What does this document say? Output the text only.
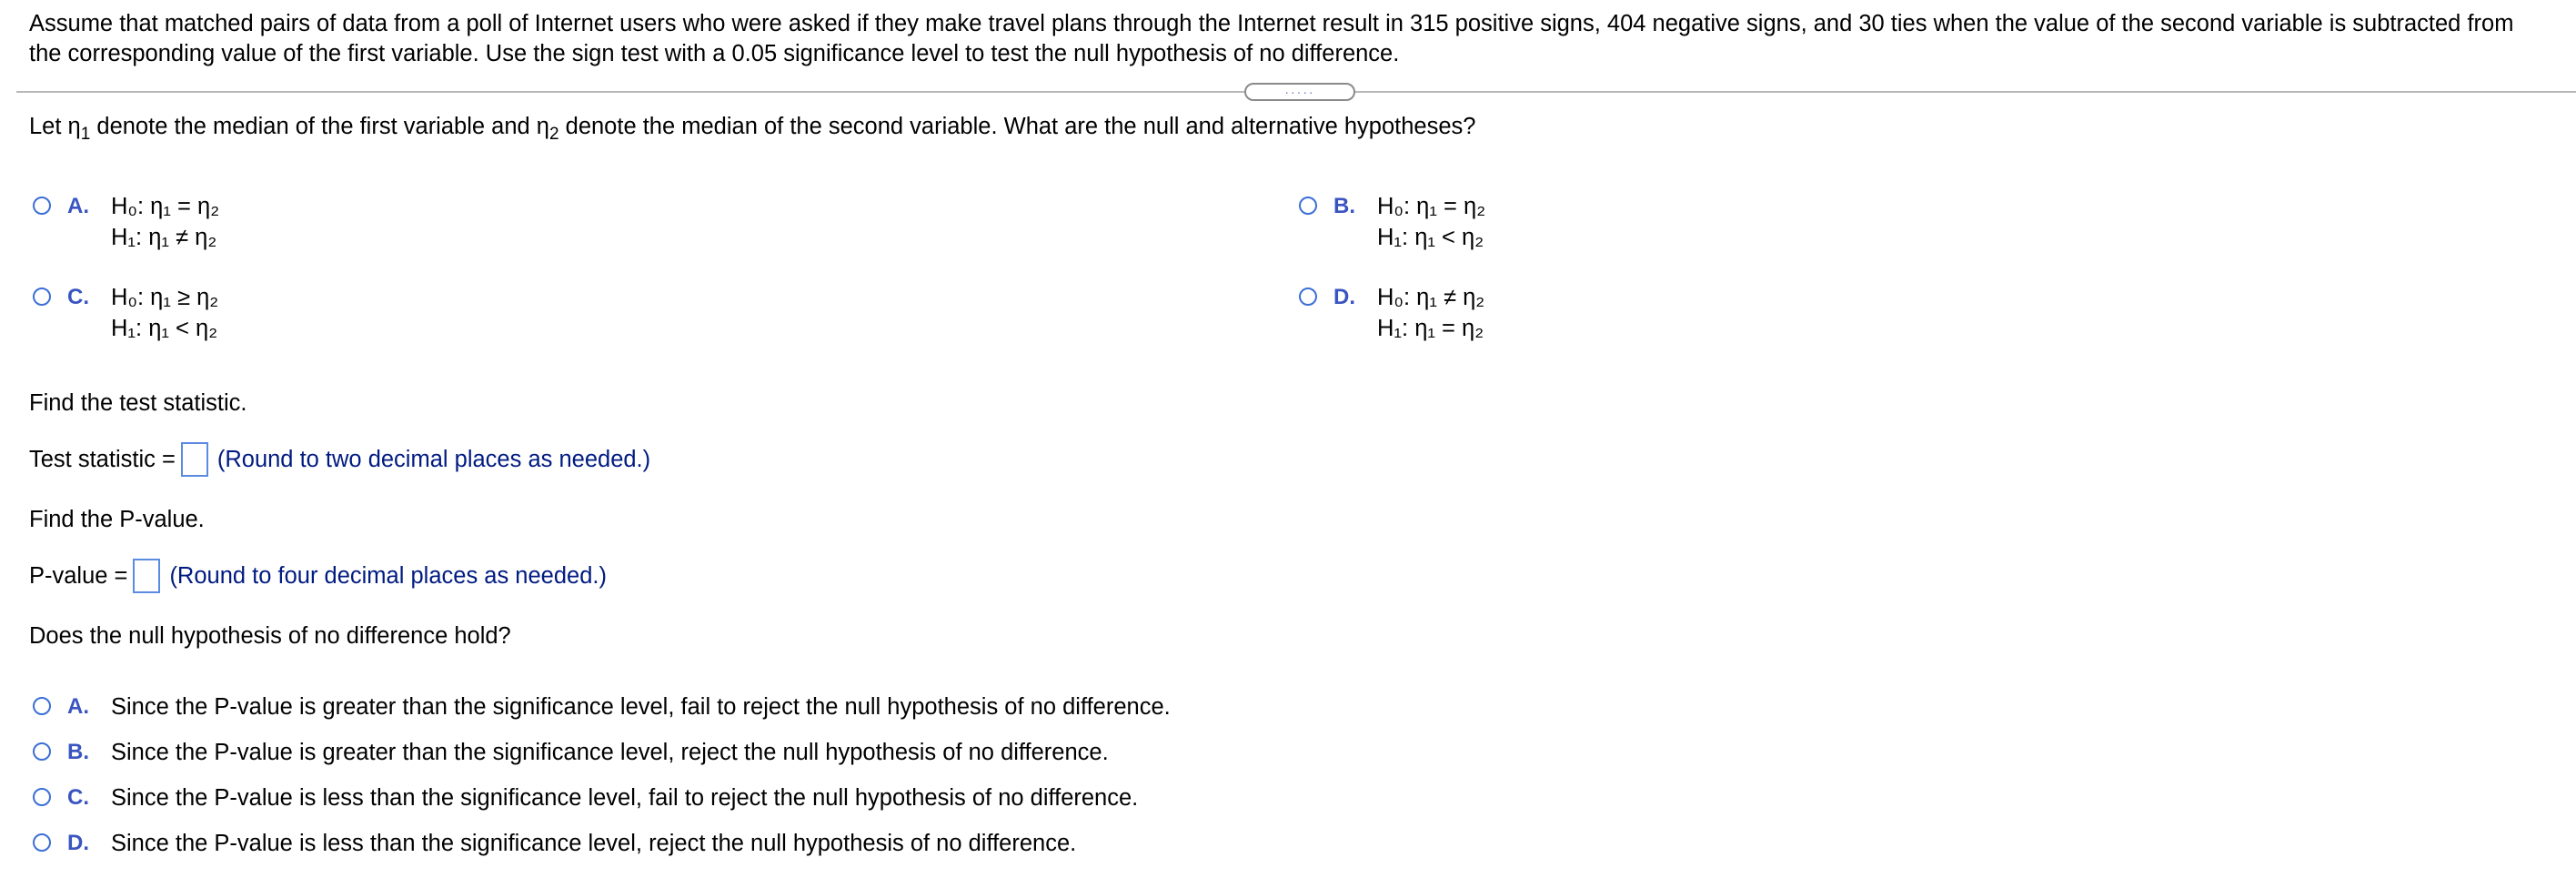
Assume that matched pairs of data from a poll of Internet users who were asked if they make travel plans through the Internet result in 315 positive signs, 404 negative signs, and 30 ties when the value of the second variable is subtracted from
the corresponding value of the first variable. Use the sign test with a 0.05 significance level to test the null hypothesis of no difference.
·····
Let $\eta_1$ denote the median of the first variable and $\eta_2$ denote the median of the second variable. What are the null and alternative hypotheses?
A. H₀: η₁ = η₂
H₁: η₁ ≠ η₂
B. H₀: η₁ = η₂
H₁: η₁ < η₂
C. H₀: η₁ ≥ η₂
H₁: η₁ < η₂
D. H₀: η₁ ≠ η₂
H₁: η₁ = η₂
Find the test statistic.
Test statistic = (Round to two decimal places as needed.)
Find the P-value.
P-value = (Round to four decimal places as needed.)
Does the null hypothesis of no difference hold?
A. Since the P-value is greater than the significance level, fail to reject the null hypothesis of no difference.
B. Since the P-value is greater than the significance level, reject the null hypothesis of no difference.
C. Since the P-value is less than the significance level, fail to reject the null hypothesis of no difference.
D. Since the P-value is less than the significance level, reject the null hypothesis of no difference.
